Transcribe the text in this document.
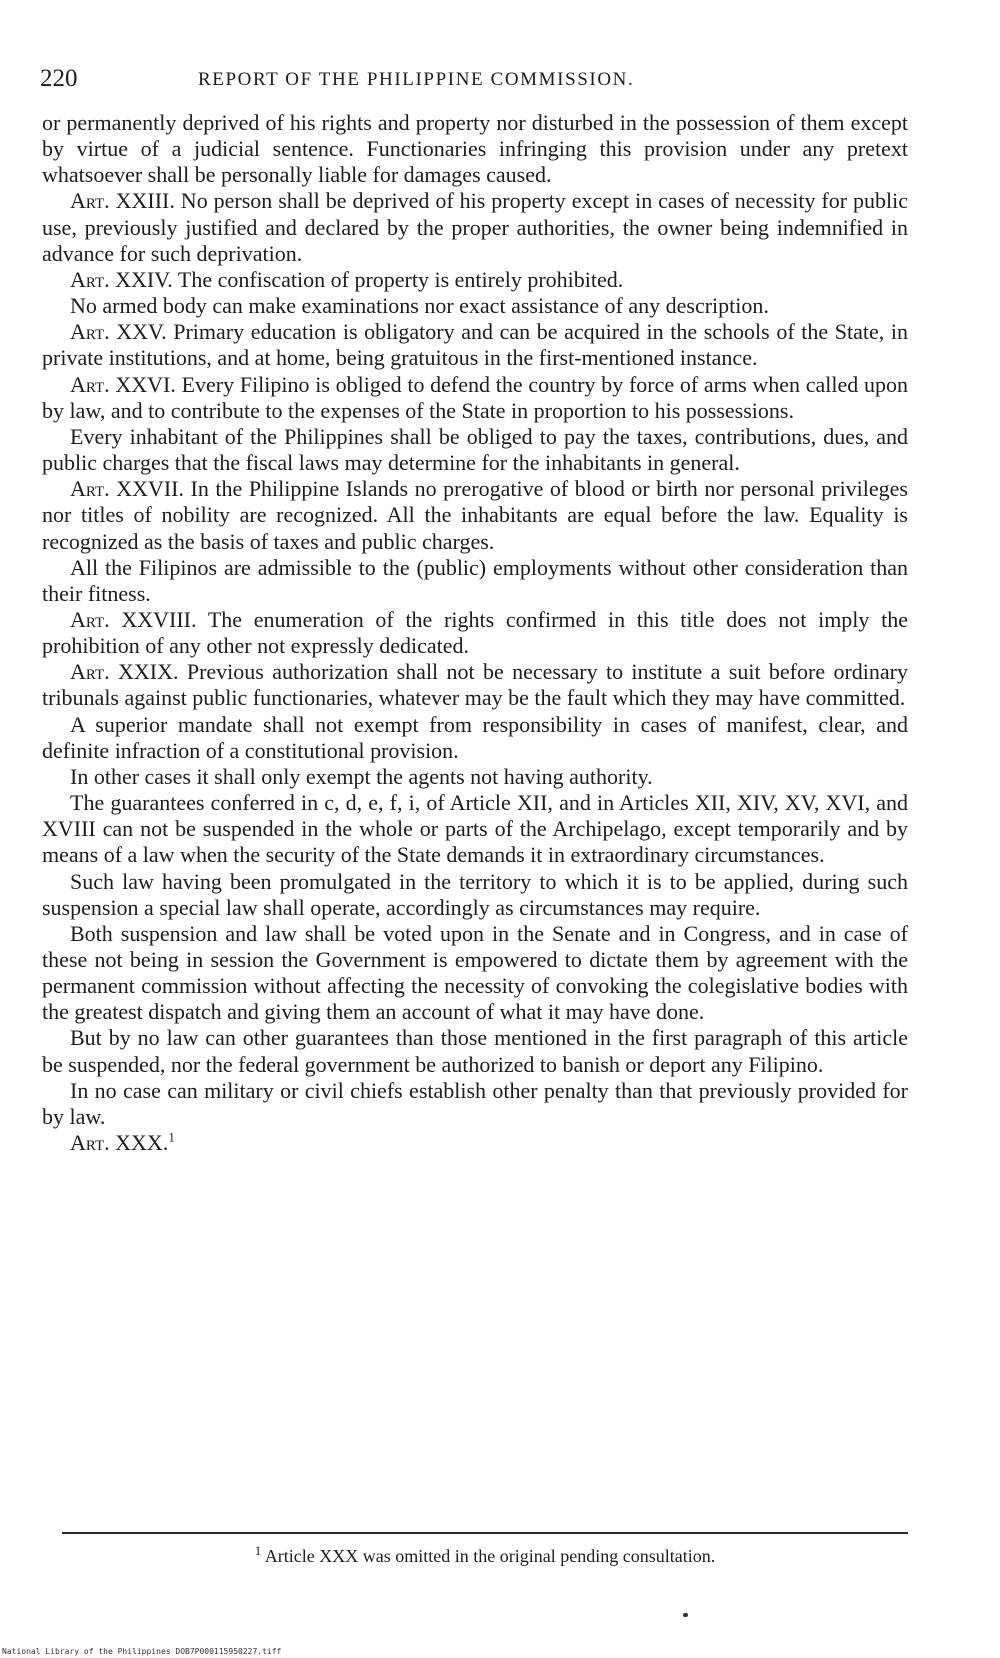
220	REPORT OF THE PHILIPPINE COMMISSION.

or permanently deprived of his rights and property nor disturbed in the possession of them except by virtue of a judicial sentence. Functionaries infringing this provision under any pretext whatsoever shall be personally liable for damages caused.

Art. XXIII. No person shall be deprived of his property except in cases of necessity for public use, previously justified and declared by the proper authorities, the owner being indemnified in advance for such deprivation.

Art. XXIV. The confiscation of property is entirely prohibited.

No armed body can make examinations nor exact assistance of any description.

Art. XXV. Primary education is obligatory and can be acquired in the schools of the State, in private institutions, and at home, being gratuitous in the first-mentioned instance.

Art. XXVI. Every Filipino is obliged to defend the country by force of arms when called upon by law, and to contribute to the expenses of the State in proportion to his possessions.

Every inhabitant of the Philippines shall be obliged to pay the taxes, contributions, dues, and public charges that the fiscal laws may determine for the inhabitants in general.

Art. XXVII. In the Philippine Islands no prerogative of blood or birth nor personal privileges nor titles of nobility are recognized. All the inhabitants are equal before the law. Equality is recognized as the basis of taxes and public charges.

All the Filipinos are admissible to the (public) employments without other consideration than their fitness.

Art. XXVIII. The enumeration of the rights confirmed in this title does not imply the prohibition of any other not expressly dedicated.

Art. XXIX. Previous authorization shall not be necessary to institute a suit before ordinary tribunals against public functionaries, whatever may be the fault which they may have committed.

A superior mandate shall not exempt from responsibility in cases of manifest, clear, and definite infraction of a constitutional provision.

In other cases it shall only exempt the agents not having authority.

The guarantees conferred in c, d, e, f, i, of Article XII, and in Articles XII, XIV, XV, XVI, and XVIII can not be suspended in the whole or parts of the Archipelago, except temporarily and by means of a law when the security of the State demands it in extraordinary circumstances.

Such law having been promulgated in the territory to which it is to be applied, during such suspension a special law shall operate, accordingly as circumstances may require.

Both suspension and law shall be voted upon in the Senate and in Congress, and in case of these not being in session the Government is empowered to dictate them by agreement with the permanent commission without affecting the necessity of convoking the colegislative bodies with the greatest dispatch and giving them an account of what it may have done.

But by no law can other guarantees than those mentioned in the first paragraph of this article be suspended, nor the federal government be authorized to banish or deport any Filipino.

In no case can military or civil chiefs establish other penalty than that previously provided for by law.

Art. XXX.$^1$

$^1$ Article XXX was omitted in the original pending consultation.
National Library of the Philippines DOB7P000115950227.tiff
